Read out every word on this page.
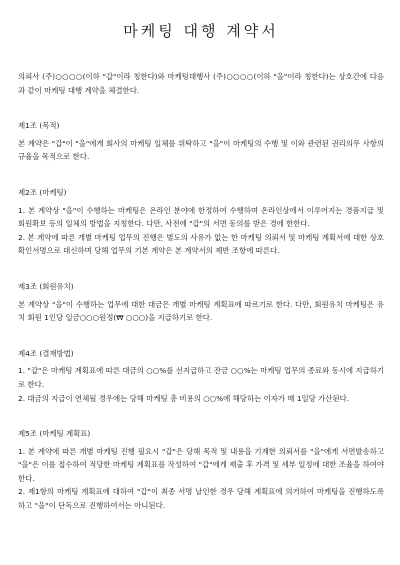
마케팅 대행 계약서

의뢰사 (주)○○○○(이하 "갑"이라 칭한다)와 마케팅대행사 (주)○○○○(이하 "을"이라 칭한다)는 상호간에 다음과 같이 마케팅 대행 계약을 체결한다.

제1조 (목적)

본 계약은 "갑"이 "을"에게 회사의 마케팅 일체를 위탁하고 "을"이 마케팅의 수행 및 이와 관련된 권리의무 사항의 규율을 목적으로 한다.

제2조 (마케팅)

1. 본 계약상 "을"이 수행하는 마케팅은 온라인 분야에 한정하여 수행하며 온라인상에서 이루어지는 경품지급 및 회원확보 등의 일체의 방법을 지칭한다. 다만, 사전에 "갑"의 서면 동의를 받은 경에 한한다.

2. 본 계약에 따른 개별 마케팅 업무의 진행은 별도의 사유가 없는 한 마케팅 의뢰서 및 마케팅 계획서에 대한 상호 확인서명으로 대신하며 당해 업무의 기본 계약은 본 계약서의 제반 조항에 따른다.

제3조 (회원유치)

본 계약상 "을"이 수행하는 업무에 대한 대금은 개별 마케팅 계획표에 따르기로 한다. 다만, 회원유치 마케팅은 유치 회원 1인당 일금○○○원정(₩ ○○○)을 지급하기로 한다.

제4조 (결재방법)

1. "갑"은 마케팅 계획표에 따른 대금의 ○○%를 선지급하고 잔금 ○○%는 마케팅 업무의 종료와 동시에 지급하기로 한다.

2. 대금의 지급이 연체될 경우에는 당해 마케팅 총 비용의 ○○%에 해당하는 이자가 매 1일당 가산된다.

제5조 (마케팅 계획표)

1. 본 계약에 따른 개별 마케팅 진행 필요시 "갑"은 당해 목적 및 내용을 기재한 의뢰서를 "을"에게 서면발송하고 "을"은 이를 접수하여 적당한 마케팅 계획표를 작성하여 "갑"에게 제출 후 가격 및 세부 일정에 대한 조율을 하여야 한다.

2. 제1항의 마케팅 계획표에 대하여 "갑"이 최종 서명 날인한 경우 당해 계획표에 의거하여 마케팅을 진행하도록 하고 "을"이 단독으로 진행하여서는 아니된다.
